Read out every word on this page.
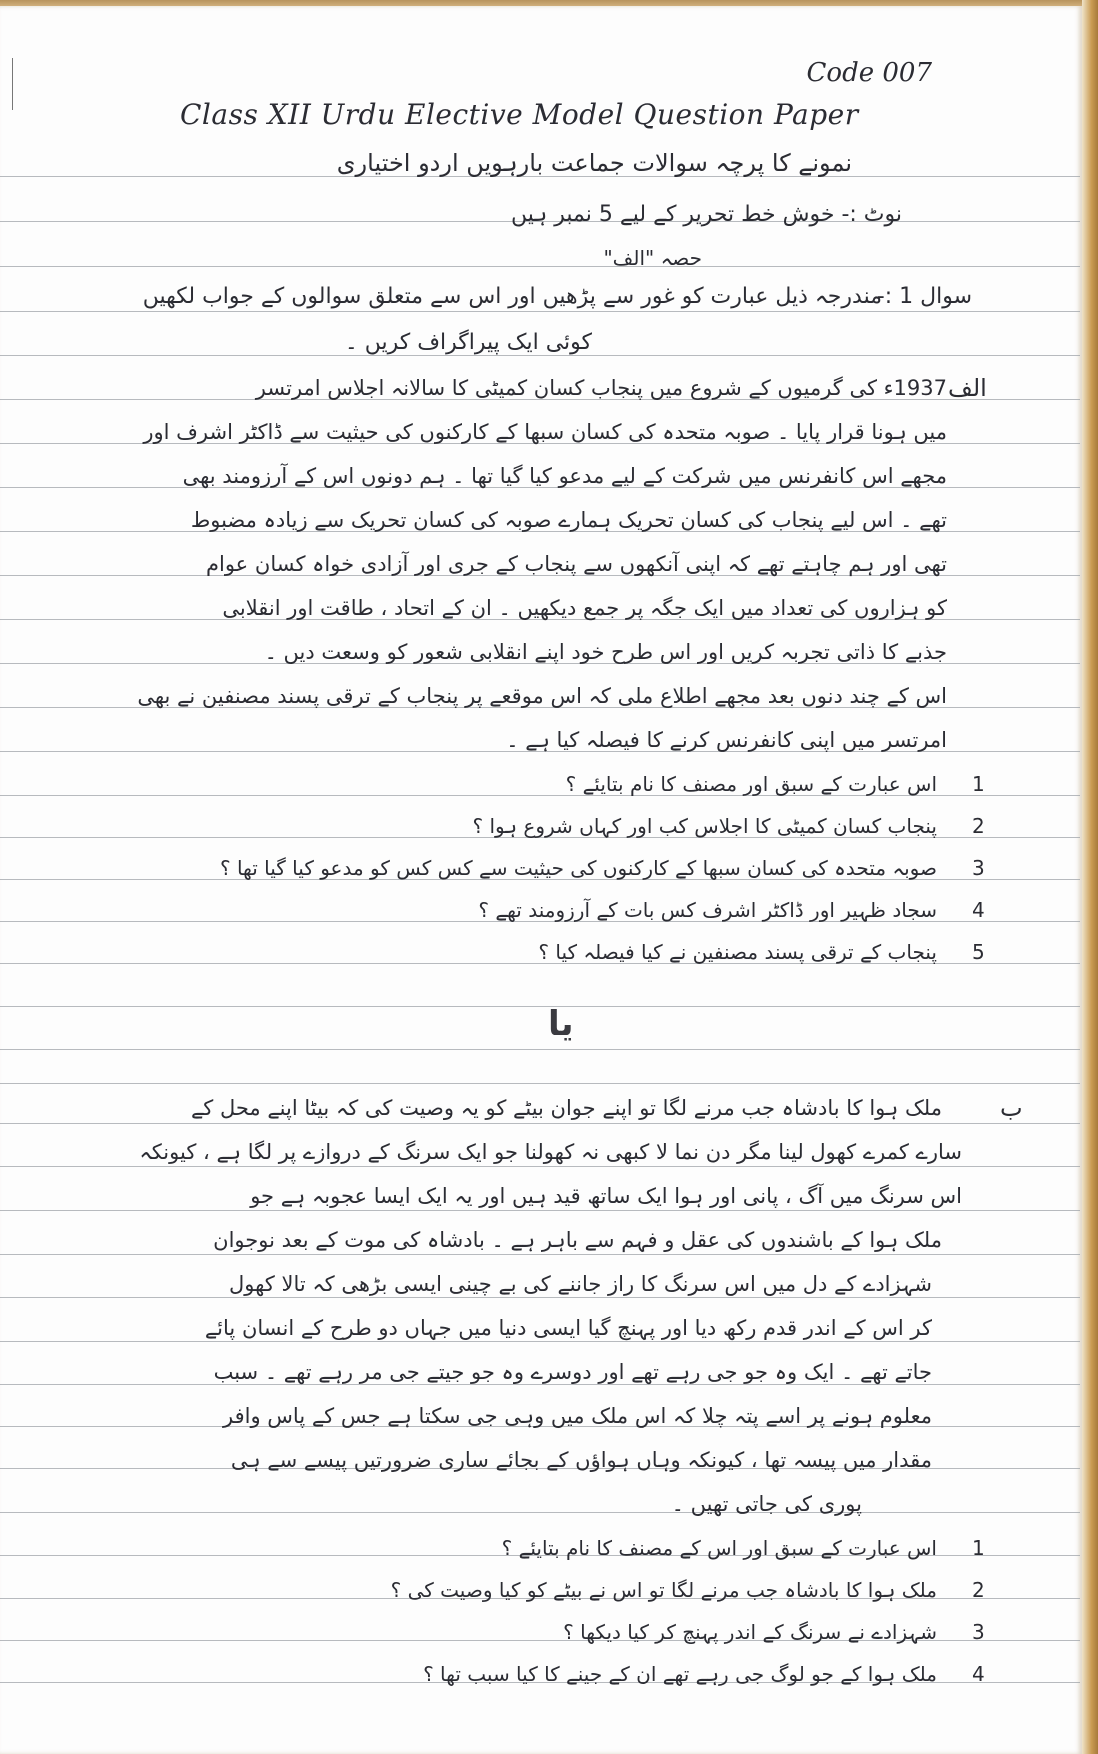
Code 007
Class XII Urdu Elective Model Question Paper
نمونے کا پرچہ سوالات جماعت بارہویں اردو اختیاری
نوٹ :- خوش خط تحریر کے لیے 5 نمبر ہیں
حصہ "الف"
سوال 1 :-
مندرجہ ذیل عبارت کو غور سے پڑھیں اور اس سے متعلق سوالوں کے جواب لکھیں
کوئی ایک پیراگراف کریں ۔
الف
1937ء کی گرمیوں کے شروع میں پنجاب کسان کمیٹی کا سالانہ اجلاس امرتسر
میں ہونا قرار پایا ۔ صوبہ متحدہ کی کسان سبھا کے کارکنوں کی حیثیت سے ڈاکٹر اشرف اور
مجھے اس کانفرنس میں شرکت کے لیے مدعو کیا گیا تھا ۔ ہم دونوں اس کے آرزومند بھی
تھے ۔ اس لیے پنجاب کی کسان تحریک ہمارے صوبہ کی کسان تحریک سے زیادہ مضبوط
تھی اور ہم چاہتے تھے کہ اپنی آنکھوں سے پنجاب کے جری اور آزادی خواہ کسان عوام
کو ہزاروں کی تعداد میں ایک جگہ پر جمع دیکھیں ۔ ان کے اتحاد ، طاقت اور انقلابی
جذبے کا ذاتی تجربہ کریں اور اس طرح خود اپنے انقلابی شعور کو وسعت دیں ۔
اس کے چند دنوں بعد مجھے اطلاع ملی کہ اس موقعے پر پنجاب کے ترقی پسند مصنفین نے بھی
امرتسر میں اپنی کانفرنس کرنے کا فیصلہ کیا ہے ۔
1
اس عبارت کے سبق اور مصنف کا نام بتایئے ؟
2
پنجاب کسان کمیٹی کا اجلاس کب اور کہاں شروع ہوا ؟
3
صوبہ متحدہ کی کسان سبھا کے کارکنوں کی حیثیت سے کس کس کو مدعو کیا گیا تھا ؟
4
سجاد ظہیر اور ڈاکٹر اشرف کس بات کے آرزومند تھے ؟
5
پنجاب کے ترقی پسند مصنفین نے کیا فیصلہ کیا ؟
یا
ب
ملک ہوا کا بادشاہ جب مرنے لگا تو اپنے جوان بیٹے کو یہ وصیت کی کہ بیٹا اپنے محل کے
سارے کمرے کھول لینا مگر دن نما لا کبھی نہ کھولنا جو ایک سرنگ کے دروازے پر لگا ہے ، کیونکہ
اس سرنگ میں آگ ، پانی اور ہوا ایک ساتھ قید ہیں اور یہ ایک ایسا عجوبہ ہے جو
ملک ہوا کے باشندوں کی عقل و فہم سے باہر ہے ۔ بادشاہ کی موت کے بعد نوجوان
شہزادے کے دل میں اس سرنگ کا راز جاننے کی بے چینی ایسی بڑھی کہ تالا کھول
کر اس کے اندر قدم رکھ دیا اور پہنچ گیا ایسی دنیا میں جہاں دو طرح کے انسان پائے
جاتے تھے ۔ ایک وہ جو جی رہے تھے اور دوسرے وہ جو جیتے جی مر رہے تھے ۔ سبب
معلوم ہونے پر اسے پتہ چلا کہ اس ملک میں وہی جی سکتا ہے جس کے پاس وافر
مقدار میں پیسہ تھا ، کیونکہ وہاں ہواؤں کے بجائے ساری ضرورتیں پیسے سے ہی
پوری کی جاتی تھیں ۔
1
اس عبارت کے سبق اور اس کے مصنف کا نام بتایئے ؟
2
ملک ہوا کا بادشاہ جب مرنے لگا تو اس نے بیٹے کو کیا وصیت کی ؟
3
شہزادے نے سرنگ کے اندر پہنچ کر کیا دیکھا ؟
4
ملک ہوا کے جو لوگ جی رہے تھے ان کے جینے کا کیا سبب تھا ؟
